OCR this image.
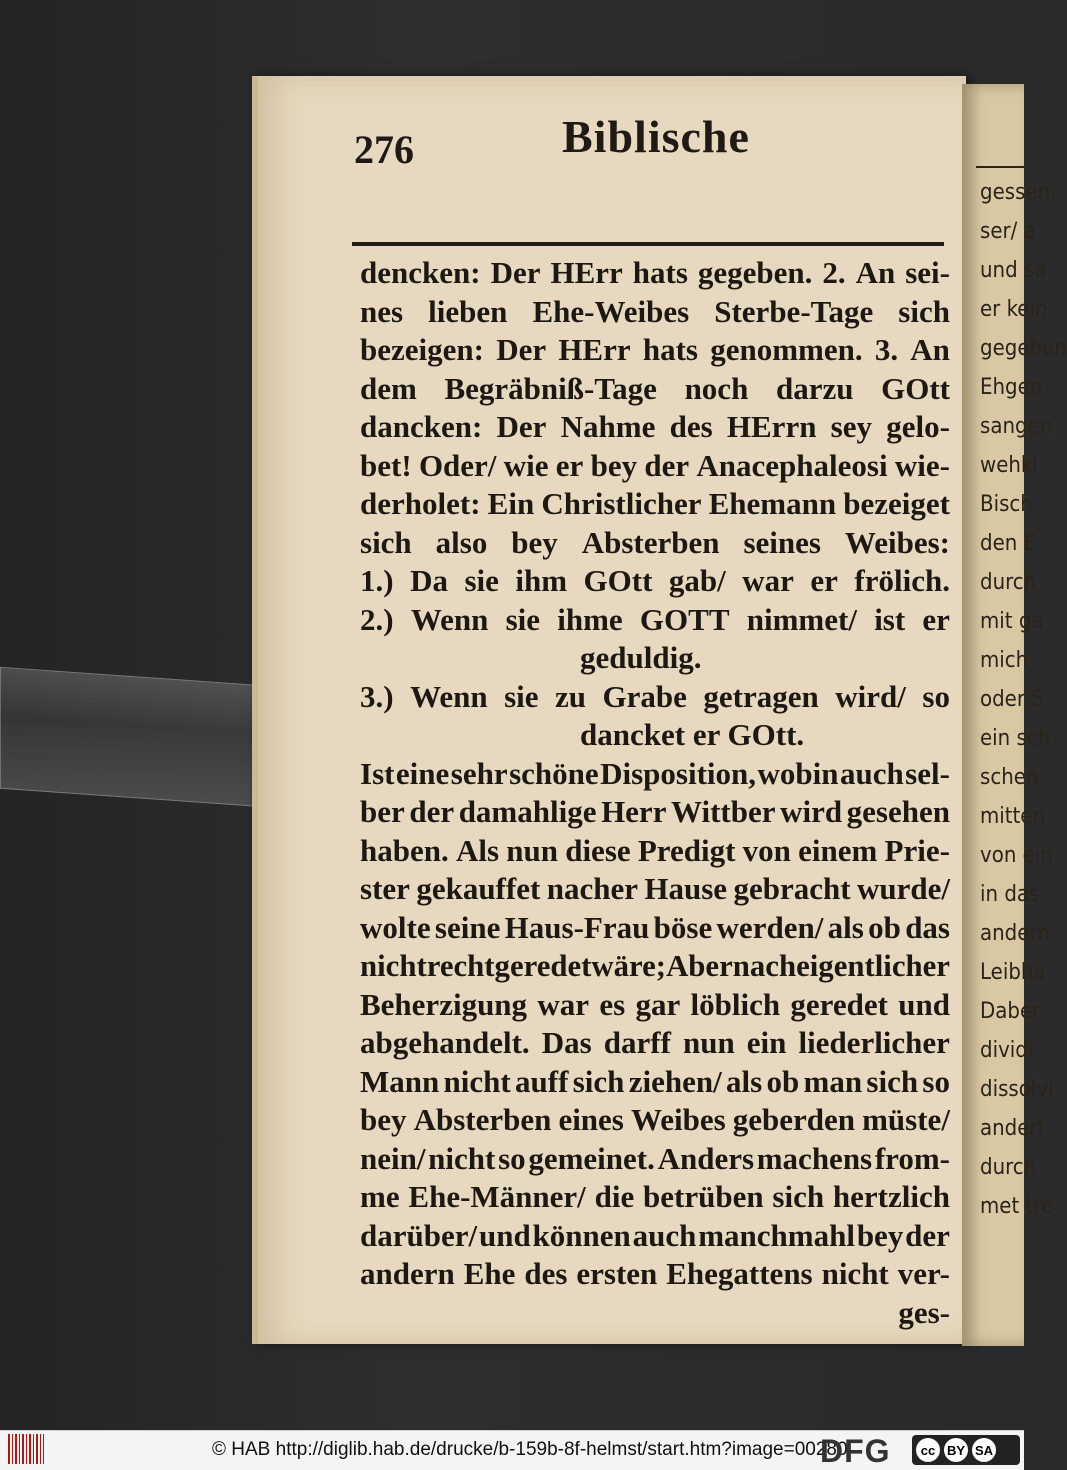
276	Biblische
dencken: Der HErr hats gegeben. 2. An sei-
nes lieben Ehe-Weibes Sterbe-Tage sich
bezeigen: Der HErr hats genommen. 3. An
dem Begräbniß-Tage noch darzu GOtt
dancken: Der Nahme des HErrn sey gelo-
bet! Oder/ wie er bey der Anacephaleosi wie-
derholet: Ein Christlicher Ehemann bezeiget
sich also bey Absterben seines Weibes:
1.) Da sie ihm GOtt gab/ war er frölich.
2.) Wenn sie ihme GOTT nimmet/ ist er
geduldig.
3.) Wenn sie zu Grabe getragen wird/ so
dancket er GOtt.
Ist eine sehr schöne Disposition, wobin auch sel-
ber der damahlige Herr Wittber wird gesehen
haben. Als nun diese Predigt von einem Prie-
ster gekauffet nacher Hause gebracht wurde/
wolte seine Haus-Frau böse werden/ als ob das
nicht recht geredet wäre; Aber nach eigentlicher
Beherzigung war es gar löblich geredet und
abgehandelt. Das darff nun ein liederlicher
Mann nicht auff sich ziehen/ als ob man sich so
bey Absterben eines Weibes geberden müste/
nein/ nicht so gemeinet. Anders machens from-
me Ehe-Männer/ die betrüben sich hertzlich
darüber/ und können auch manchmahl bey der
andern Ehe des ersten Ehegattens nicht ver-
ges-
gessen.
ser/ a
und sa
er kein
gegeben
Ehgen
sangen
wehkl
Bisch
den E
durch
mit ga
mich
oder S
ein sch
schen
mitten
von ein
in das
andern
Leibha
Daber
dividi
dissolvi
andert
durch
met tre
© HAB http://diglib.hab.de/drucke/b-159b-8f-helmst/start.htm?image=00280
DFG	cc BY SA
